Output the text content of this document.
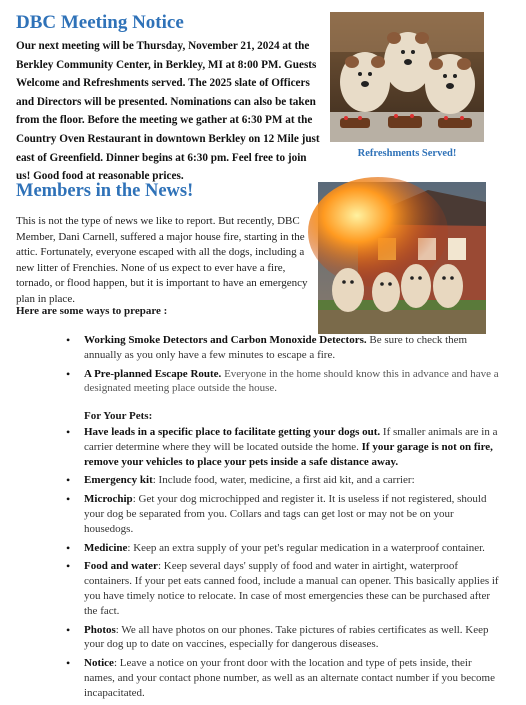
DBC Meeting Notice
Our next meeting will be Thursday, November 21, 2024 at the Berkley Community Center, in Berkley, MI at 8:00 PM. Guests Welcome and Refreshments served. The 2025 slate of Officers and Directors will be presented. Nominations can also be taken from the floor. Before the meeting we gather at 6:30 PM at the Country Oven Restaurant in downtown Berkley on 12 Mile just east of Greenfield. Dinner begins at 6:30 pm. Feel free to join us! Good food at reasonable prices.
Refreshments Served!
Members in the News!
This is not the type of news we like to report. But recently, DBC Member, Dani Carnell, suffered a major house fire, starting in the attic. Fortunately, everyone escaped with all the dogs, including a new litter of Frenchies. None of us expect to ever have a fire, tornado, or flood happen, but it is important to have an emergency plan in place.
Here are some ways to prepare :
• Working Smoke Detectors and Carbon Monoxide Detectors. Be sure to check them annually as you only have a few minutes to escape a fire.
• A Pre-planned Escape Route. Everyone in the home should know this in advance and have a designated meeting place outside the house.
For Your Pets:
• Have leads in a specific place to facilitate getting your dogs out. If smaller animals are in a carrier determine where they will be located outside the home. If your garage is not on fire, remove your vehicles to place your pets inside a safe distance away.
• Emergency kit: Include food, water, medicine, a first aid kit, and a carrier:
• Microchip: Get your dog microchipped and register it. It is useless if not registered, should your dog be separated from you. Collars and tags can get lost or may not be on your housedogs.
• Medicine: Keep an extra supply of your pet's regular medication in a waterproof container.
• Food and water: Keep several days' supply of food and water in airtight, waterproof containers. If your pet eats canned food, include a manual can opener. This basically applies if you have timely notice to relocate. In case of most emergencies these can be purchased after the fact.
• Photos: We all have photos on our phones. Take pictures of rabies certificates as well. Keep your dog up to date on vaccines, especially for dangerous diseases.
• Notice: Leave a notice on your front door with the location and type of pets inside, their names, and your contact phone number, as well as an alternate contact number if you become incapacitated.
